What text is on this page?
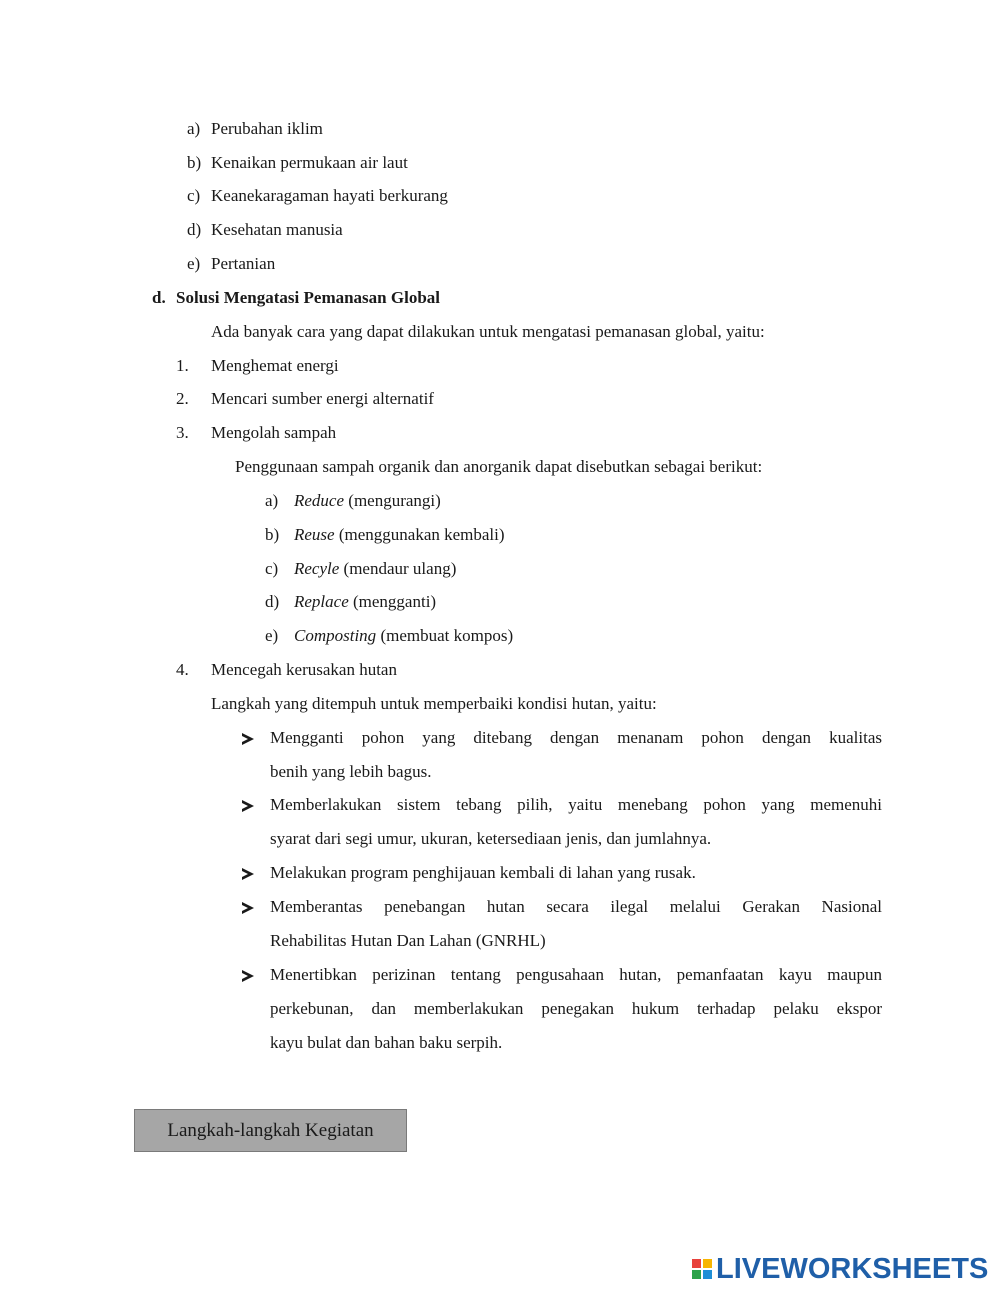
a) Perubahan iklim
b) Kenaikan permukaan air laut
c) Keanekaragaman hayati berkurang
d) Kesehatan manusia
e) Pertanian
d. Solusi Mengatasi Pemanasan Global
Ada banyak cara yang dapat dilakukan untuk mengatasi pemanasan global, yaitu:
1. Menghemat energi
2. Mencari sumber energi alternatif
3. Mengolah sampah
Penggunaan sampah organik dan anorganik dapat disebutkan sebagai berikut:
a) Reduce (mengurangi)
b) Reuse (menggunakan kembali)
c) Recyle (mendaur ulang)
d) Replace (mengganti)
e) Composting (membuat kompos)
4. Mencegah kerusakan hutan
Langkah yang ditempuh untuk memperbaiki kondisi hutan, yaitu:
Mengganti pohon yang ditebang dengan menanam pohon dengan kualitas
benih yang lebih bagus.
Memberlakukan sistem tebang pilih, yaitu menebang pohon yang memenuhi
syarat dari segi umur, ukuran, ketersediaan jenis, dan jumlahnya.
Melakukan program penghijauan kembali di lahan yang rusak.
Memberantas penebangan hutan secara ilegal melalui Gerakan Nasional
Rehabilitas Hutan Dan Lahan (GNRHL)
Menertibkan perizinan tentang pengusahaan hutan, pemanfaatan kayu maupun
perkebunan, dan memberlakukan penegakan hukum terhadap pelaku ekspor
kayu bulat dan bahan baku serpih.
Langkah-langkah Kegiatan
LIVEWORKSHEETS
